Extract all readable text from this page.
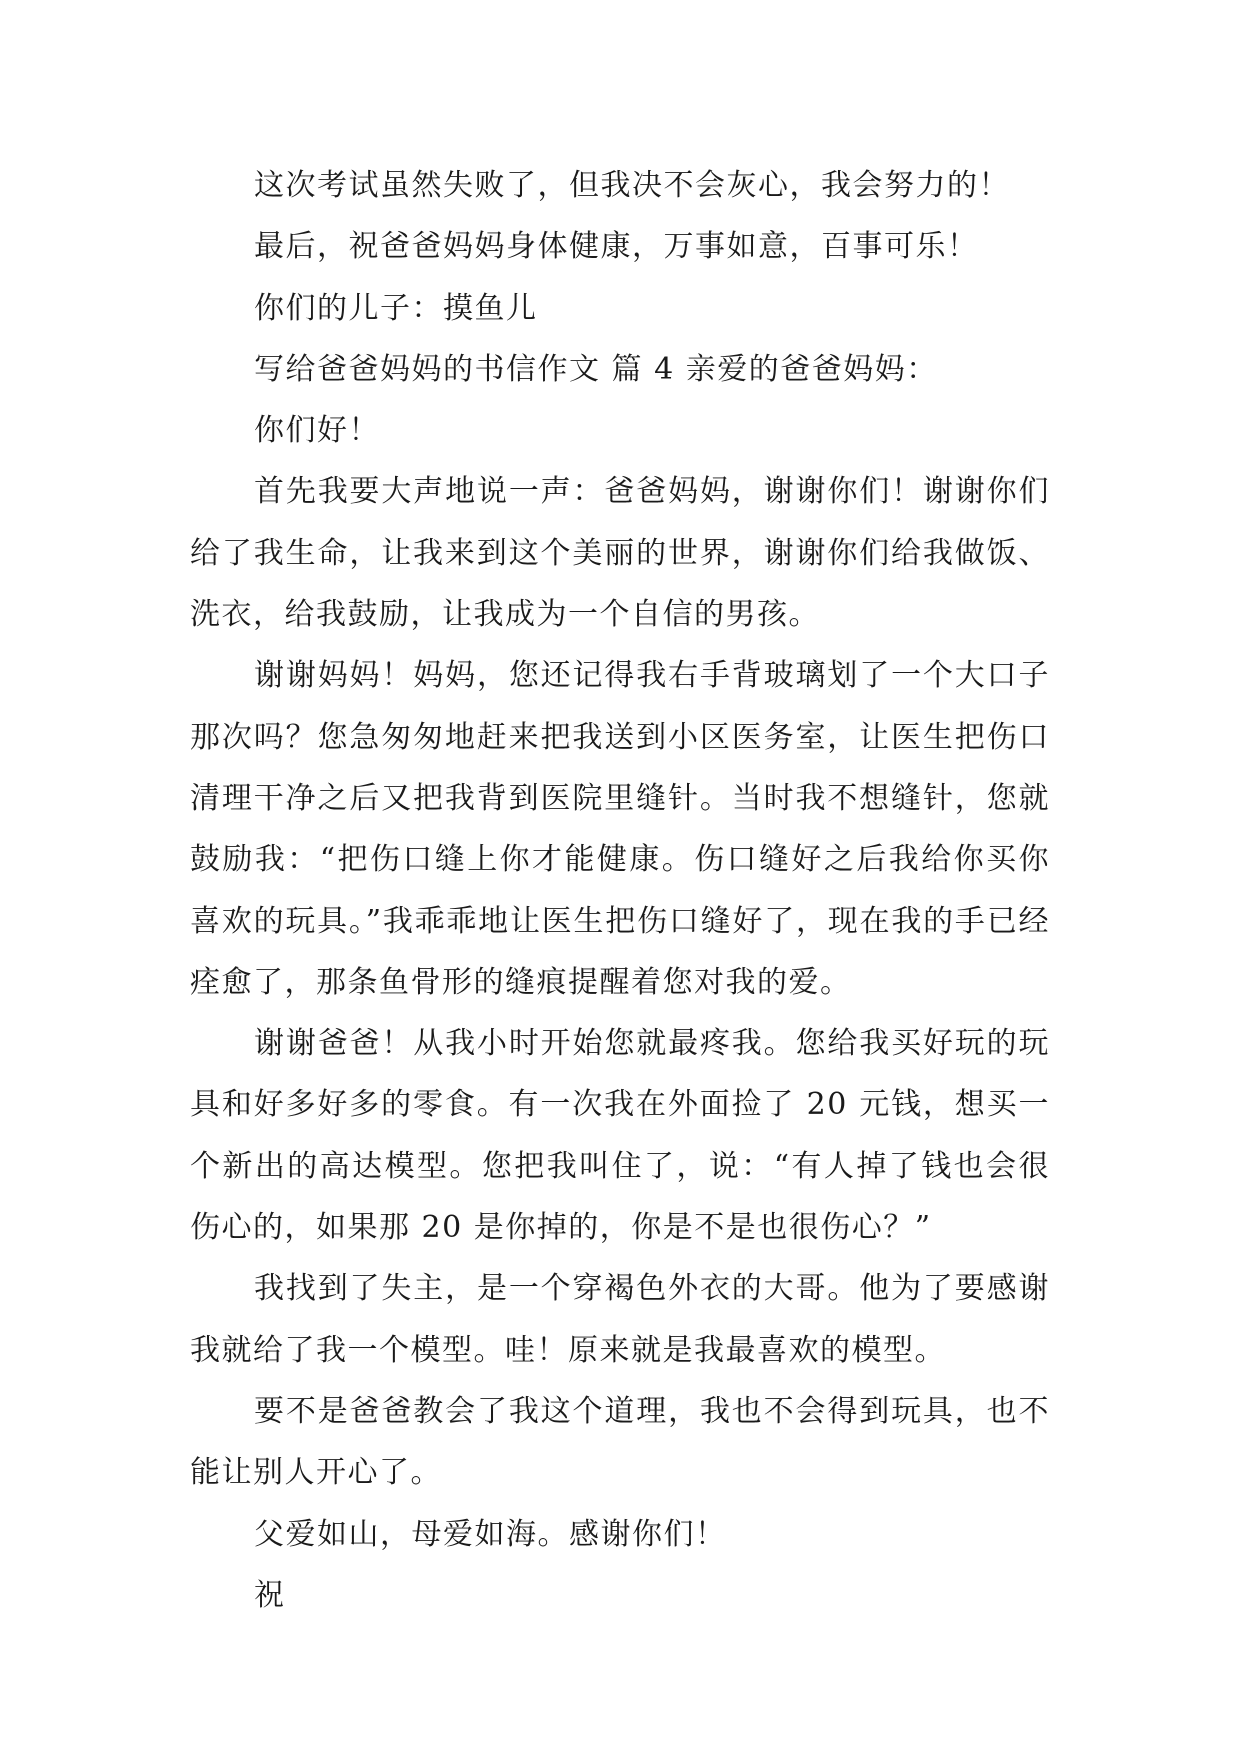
这次考试虽然失败了，但我决不会灰心，我会努力的！

最后，祝爸爸妈妈身体健康，万事如意，百事可乐！

你们的儿子：摸鱼儿

写给爸爸妈妈的书信作文 篇 4 亲爱的爸爸妈妈：

你们好！

首先我要大声地说一声：爸爸妈妈，谢谢你们！谢谢你们给了我生命，让我来到这个美丽的世界，谢谢你们给我做饭、洗衣，给我鼓励，让我成为一个自信的男孩。

谢谢妈妈！妈妈，您还记得我右手背玻璃划了一个大口子那次吗？您急匆匆地赶来把我送到小区医务室，让医生把伤口清理干净之后又把我背到医院里缝针。当时我不想缝针，您就鼓励我：“把伤口缝上你才能健康。伤口缝好之后我给你买你喜欢的玩具。”我乖乖地让医生把伤口缝好了，现在我的手已经痊愈了，那条鱼骨形的缝痕提醒着您对我的爱。

谢谢爸爸！从我小时开始您就最疼我。您给我买好玩的玩具和好多好多的零食。有一次我在外面捡了 20 元钱，想买一个新出的高达模型。您把我叫住了，说：“有人掉了钱也会很伤心的，如果那 20 是你掉的，你是不是也很伤心？”

我找到了失主，是一个穿褐色外衣的大哥。他为了要感谢我就给了我一个模型。哇！原来就是我最喜欢的模型。

要不是爸爸教会了我这个道理，我也不会得到玩具，也不能让别人开心了。

父爱如山，母爱如海。感谢你们！

祝
